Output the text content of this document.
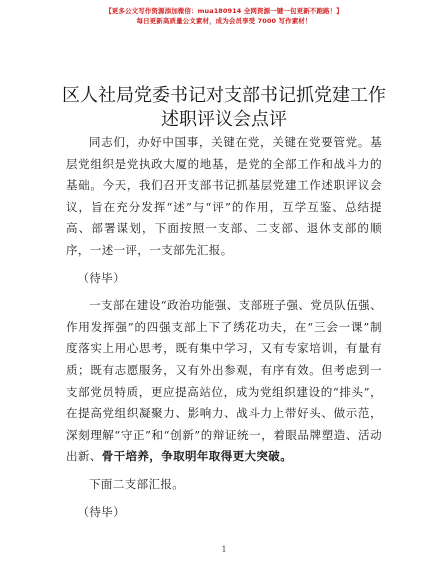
【更多公文写作资源添加微信：mua180914 全网资源一键一包更新不跑路！】
每日更新高质量公文素材，成为会员享受 7000 写作素材！
区人社局党委书记对支部书记抓党建工作述职评议会点评

同志们，办好中国事，关键在党，关键在党要管党。基层党组织是党执政大厦的地基，是党的全部工作和战斗力的基础。今天，我们召开支部书记抓基层党建工作述职评议会议，旨在充分发挥“述”与“评”的作用，互学互鉴、总结提高、部署谋划，下面按照一支部、二支部、退休支部的顺序，一述一评，一支部先汇报。

（待毕）

一支部在建设“政治功能强、支部班子强、党员队伍强、作用发挥强”的四强支部上下了绣花功夫，在“三会一课”制度落实上用心思考，既有集中学习，又有专家培训，有量有质；既有志愿服务，又有外出参观，有序有效。但考虑到一支部党员特质，更应提高站位，成为党组织建设的“排头”，在提高党组织凝聚力、影响力、战斗力上带好头、做示范，深刻理解“守正”和“创新”的辩证统一，着眼品牌塑造、活动出新、骨干培养，争取明年取得更大突破。

下面二支部汇报。

（待毕）

1
